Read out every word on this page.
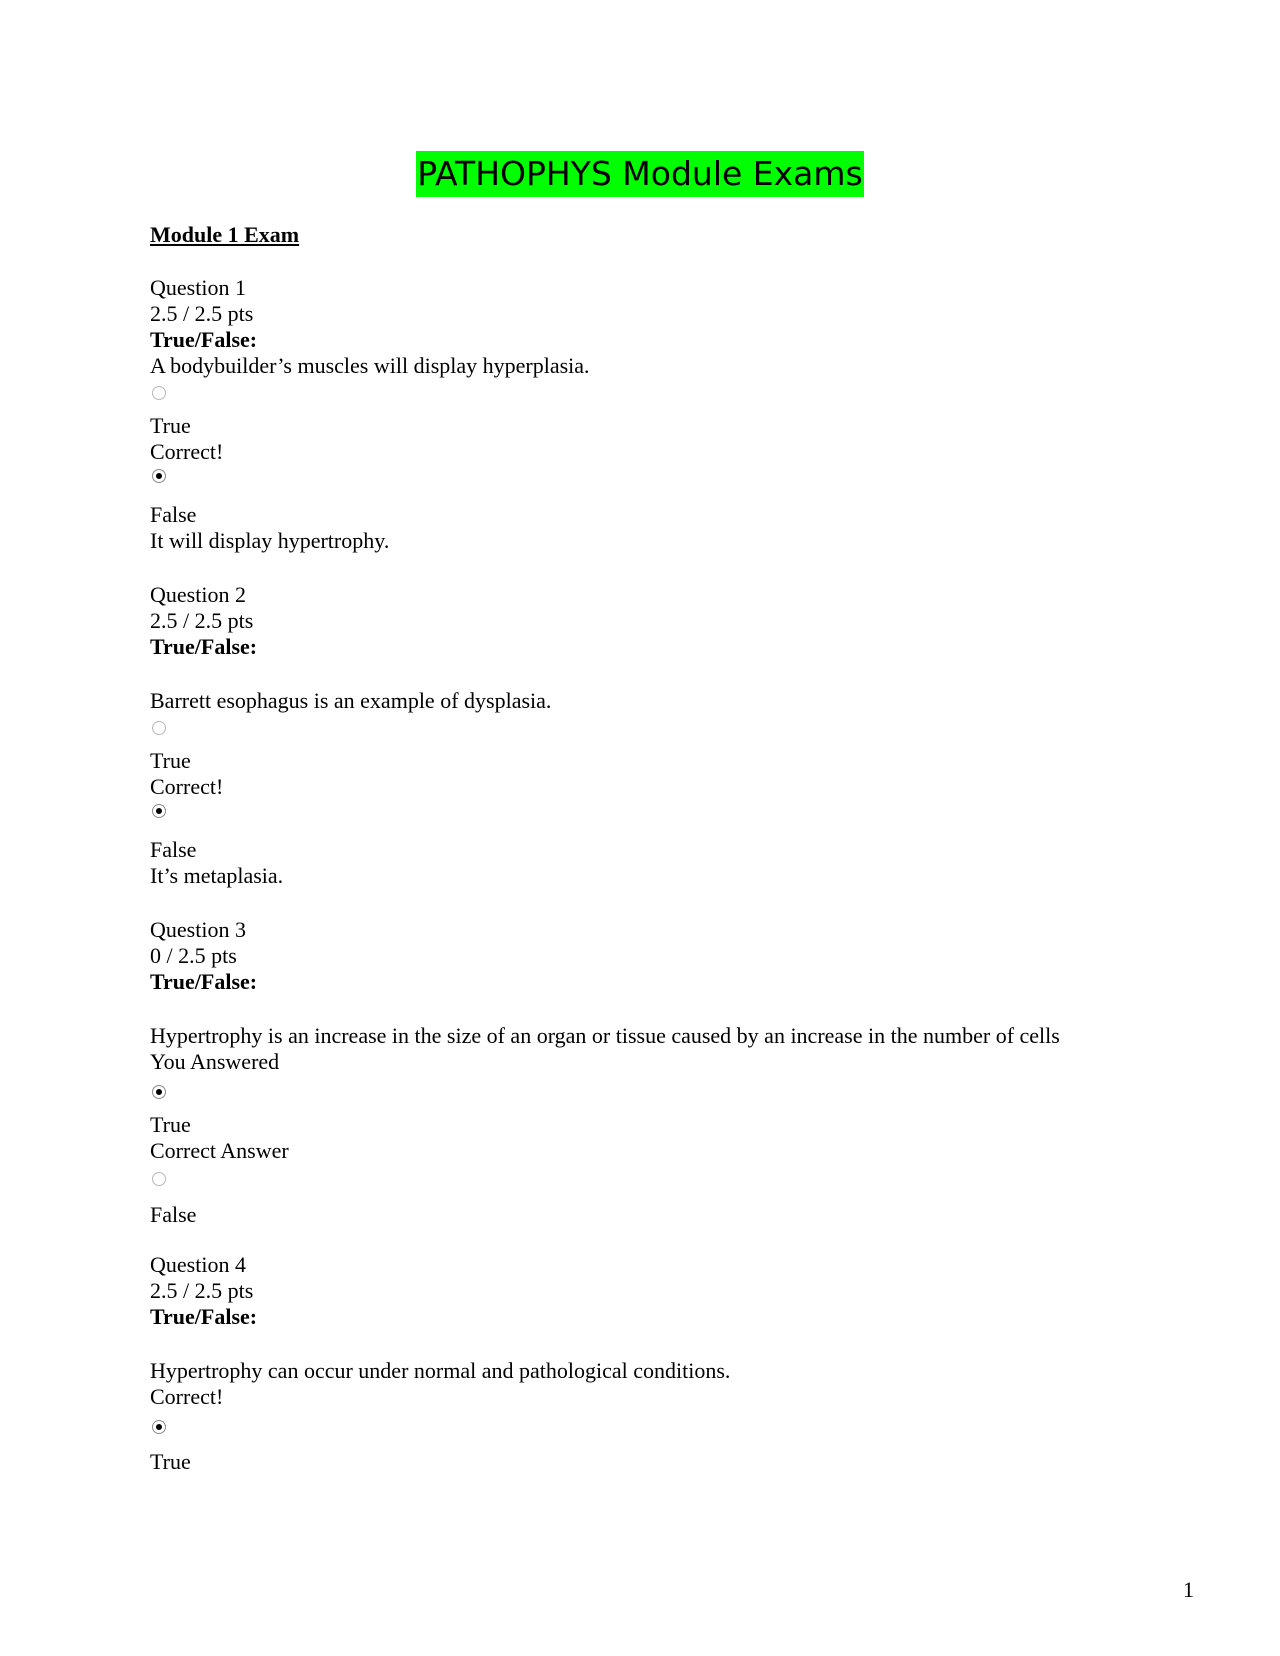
PATHOPHYS Module Exams
Module 1 Exam
Question 1
2.5 / 2.5 pts
True/False:
A bodybuilder’s muscles will display hyperplasia.
True
Correct!
False
It will display hypertrophy.
Question 2
2.5 / 2.5 pts
True/False:
Barrett esophagus is an example of dysplasia.
True
Correct!
False
It’s metaplasia.
Question 3
0 / 2.5 pts
True/False:
Hypertrophy is an increase in the size of an organ or tissue caused by an increase in the number of cells
You Answered
True
Correct Answer
False
Question 4
2.5 / 2.5 pts
True/False:
Hypertrophy can occur under normal and pathological conditions.
Correct!
True
1
